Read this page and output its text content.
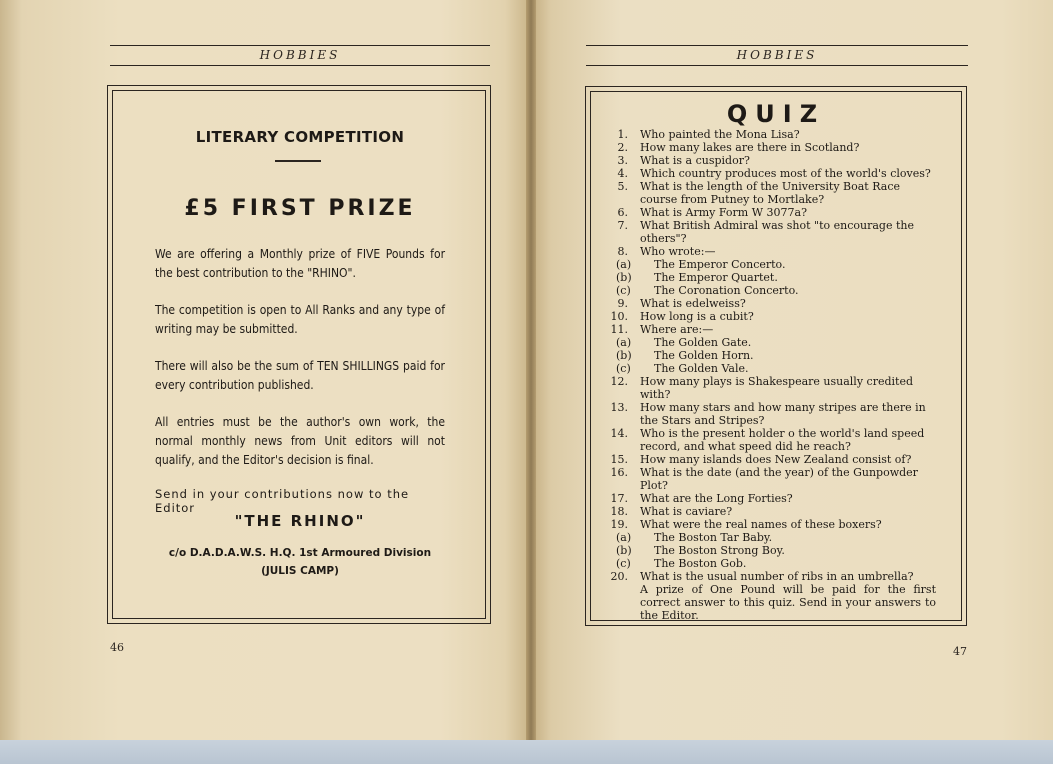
HOBBIES	HOBBIES
LITERARY COMPETITION
£5 FIRST PRIZE
We are offering a Monthly prize of FIVE Pounds for the best contribution to the "RHINO".
The competition is open to All Ranks and any type of writing may be submitted.
There will also be the sum of TEN SHILLINGS paid for every contribution published.
All entries must be the author's own work, the normal monthly news from Unit editors will not qualify, and the Editor's decision is final.
Send in your contributions now to the Editor
"THE RHINO"
c/o D.A.D.A.W.S. H.Q. 1st Armoured Division
(JULIS CAMP)
46
QUIZ
1. Who painted the Mona Lisa?
2. How many lakes are there in Scotland?
3. What is a cuspidor?
4. Which country produces most of the world's cloves?
5. What is the length of the University Boat Race course from Putney to Mortlake?
6. What is Army Form W 3077a?
7. What British Admiral was shot "to encourage the others"?
8. Who wrote:—
(a) The Emperor Concerto.
(b) The Emperor Quartet.
(c) The Coronation Concerto.
9. What is edelweiss?
10. How long is a cubit?
11. Where are:—
(a) The Golden Gate.
(b) The Golden Horn.
(c) The Golden Vale.
12. How many plays is Shakespeare usually credited with?
13. How many stars and how many stripes are there in the Stars and Stripes?
14. Who is the present holder o the world's land speed record, and what speed did he reach?
15. How many islands does New Zealand consist of?
16. What is the date (and the year) of the Gunpowder Plot?
17. What are the Long Forties?
18. What is caviare?
19. What were the real names of these boxers?
(a) The Boston Tar Baby.
(b) The Boston Strong Boy.
(c) The Boston Gob.
20. What is the usual number of ribs in an umbrella?
A prize of One Pound will be paid for the first correct answer to this quiz. Send in your answers to the Editor.
47
